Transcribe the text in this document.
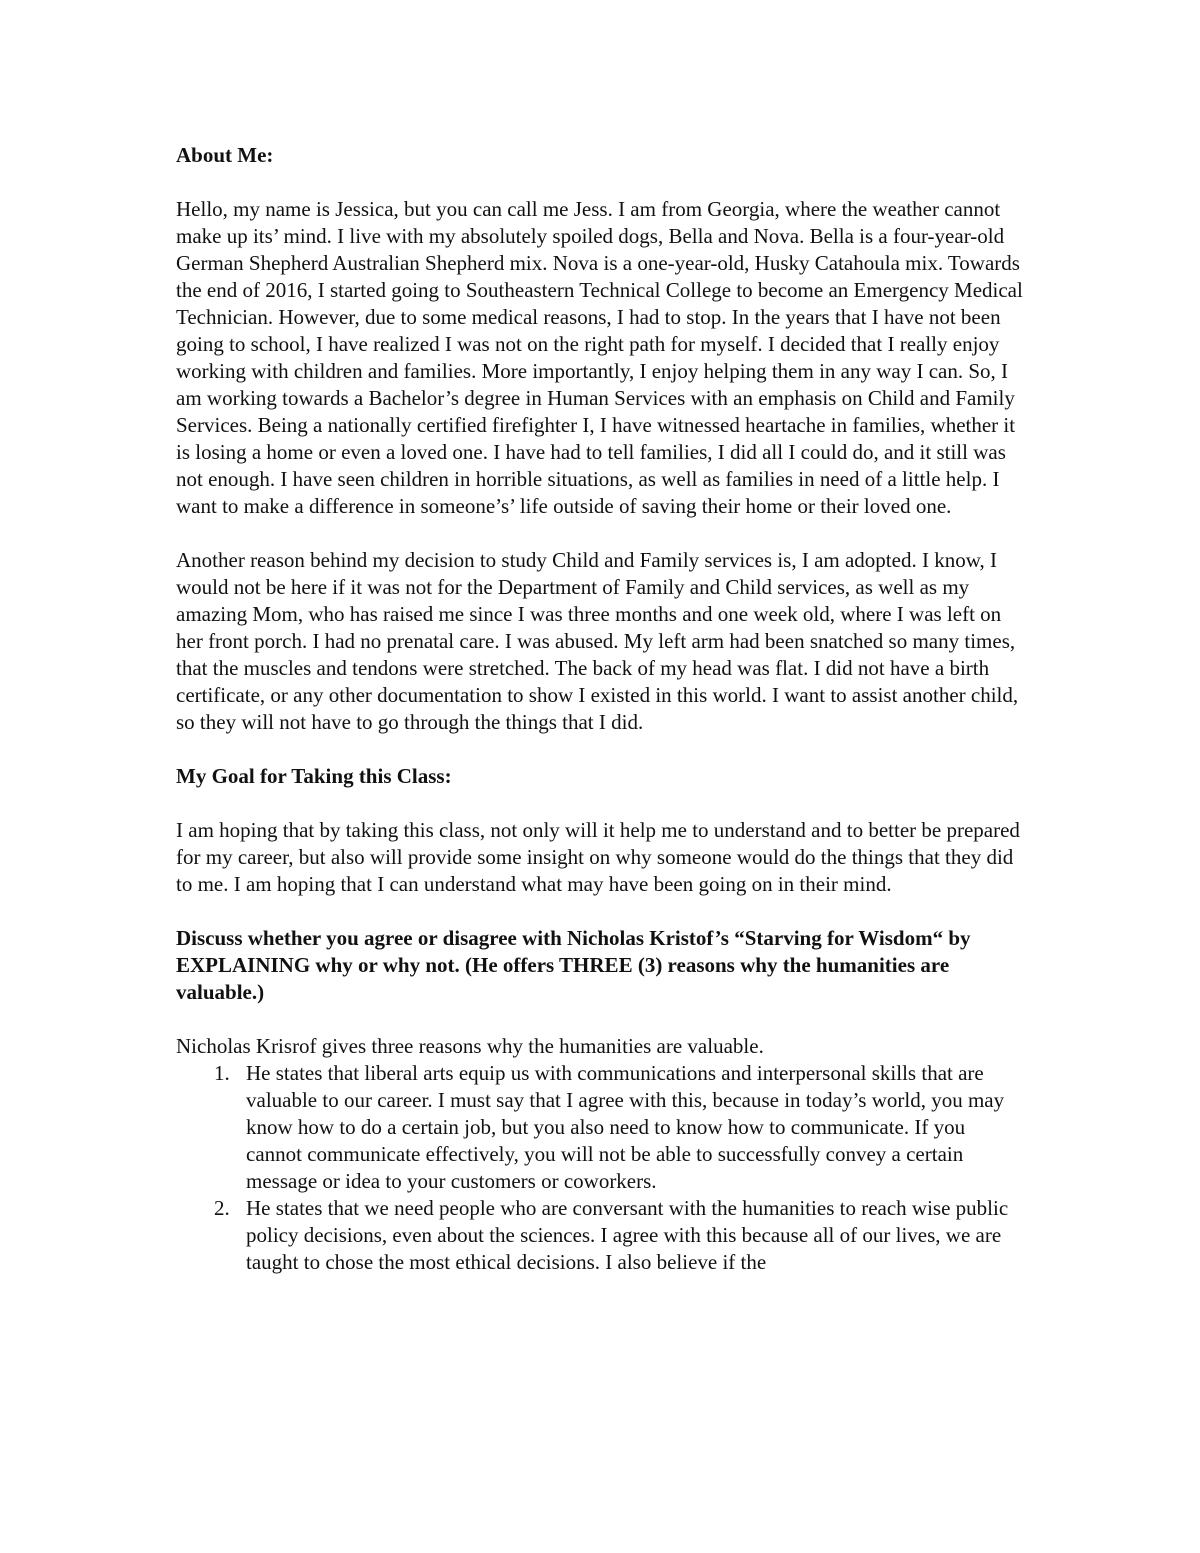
About Me:

Hello, my name is Jessica, but you can call me Jess. I am from Georgia, where the weather cannot make up its’ mind. I live with my absolutely spoiled dogs, Bella and Nova. Bella is a four-year-old German Shepherd Australian Shepherd mix. Nova is a one-year-old, Husky Catahoula mix. Towards the end of 2016, I started going to Southeastern Technical College to become an Emergency Medical Technician. However, due to some medical reasons, I had to stop. In the years that I have not been going to school, I have realized I was not on the right path for myself. I decided that I really enjoy working with children and families. More importantly, I enjoy helping them in any way I can. So, I am working towards a Bachelor’s degree in Human Services with an emphasis on Child and Family Services. Being a nationally certified firefighter I, I have witnessed heartache in families, whether it is losing a home or even a loved one. I have had to tell families, I did all I could do, and it still was not enough. I have seen children in horrible situations, as well as families in need of a little help. I want to make a difference in someone’s’ life outside of saving their home or their loved one.

Another reason behind my decision to study Child and Family services is, I am adopted. I know, I would not be here if it was not for the Department of Family and Child services, as well as my amazing Mom, who has raised me since I was three months and one week old, where I was left on her front porch. I had no prenatal care. I was abused. My left arm had been snatched so many times, that the muscles and tendons were stretched. The back of my head was flat. I did not have a birth certificate, or any other documentation to show I existed in this world. I want to assist another child, so they will not have to go through the things that I did.

My Goal for Taking this Class:

I am hoping that by taking this class, not only will it help me to understand and to better be prepared for my career, but also will provide some insight on why someone would do the things that they did to me. I am hoping that I can understand what may have been going on in their mind.

Discuss whether you agree or disagree with Nicholas Kristof’s “Starving for Wisdom“ by EXPLAINING why or why not. (He offers THREE (3) reasons why the humanities are valuable.)

Nicholas Krisrof gives three reasons why the humanities are valuable.

1. He states that liberal arts equip us with communications and interpersonal skills that are valuable to our career. I must say that I agree with this, because in today’s world, you may know how to do a certain job, but you also need to know how to communicate. If you cannot communicate effectively, you will not be able to successfully convey a certain message or idea to your customers or coworkers.
2. He states that we need people who are conversant with the humanities to reach wise public policy decisions, even about the sciences. I agree with this because all of our lives, we are taught to chose the most ethical decisions. I also believe if the
